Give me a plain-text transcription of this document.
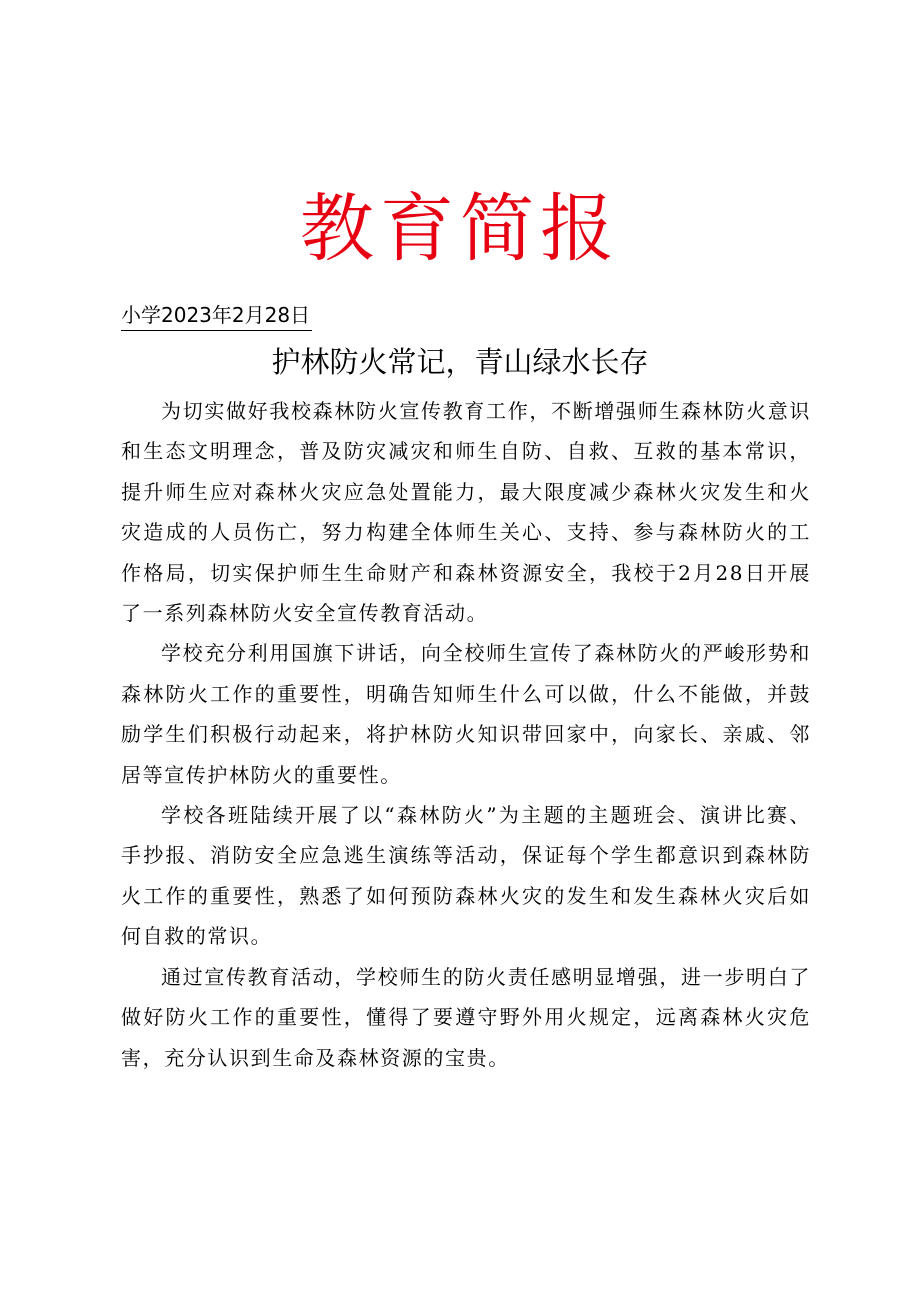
教育简报
小学2023年2月28日
护林防火常记，青山绿水长存

为切实做好我校森林防火宣传教育工作，不断增强师生森林防火意识和生态文明理念，普及防灾减灾和师生自防、自救、互救的基本常识，提升师生应对森林火灾应急处置能力，最大限度减少森林火灾发生和火灾造成的人员伤亡，努力构建全体师生关心、支持、参与森林防火的工作格局，切实保护师生生命财产和森林资源安全，我校于2月28日开展了一系列森林防火安全宣传教育活动。

学校充分利用国旗下讲话，向全校师生宣传了森林防火的严峻形势和森林防火工作的重要性，明确告知师生什么可以做，什么不能做，并鼓励学生们积极行动起来，将护林防火知识带回家中，向家长、亲戚、邻居等宣传护林防火的重要性。

学校各班陆续开展了以“森林防火”为主题的主题班会、演讲比赛、手抄报、消防安全应急逃生演练等活动，保证每个学生都意识到森林防火工作的重要性，熟悉了如何预防森林火灾的发生和发生森林火灾后如何自救的常识。

通过宣传教育活动，学校师生的防火责任感明显增强，进一步明白了做好防火工作的重要性，懂得了要遵守野外用火规定，远离森林火灾危害，充分认识到生命及森林资源的宝贵。
